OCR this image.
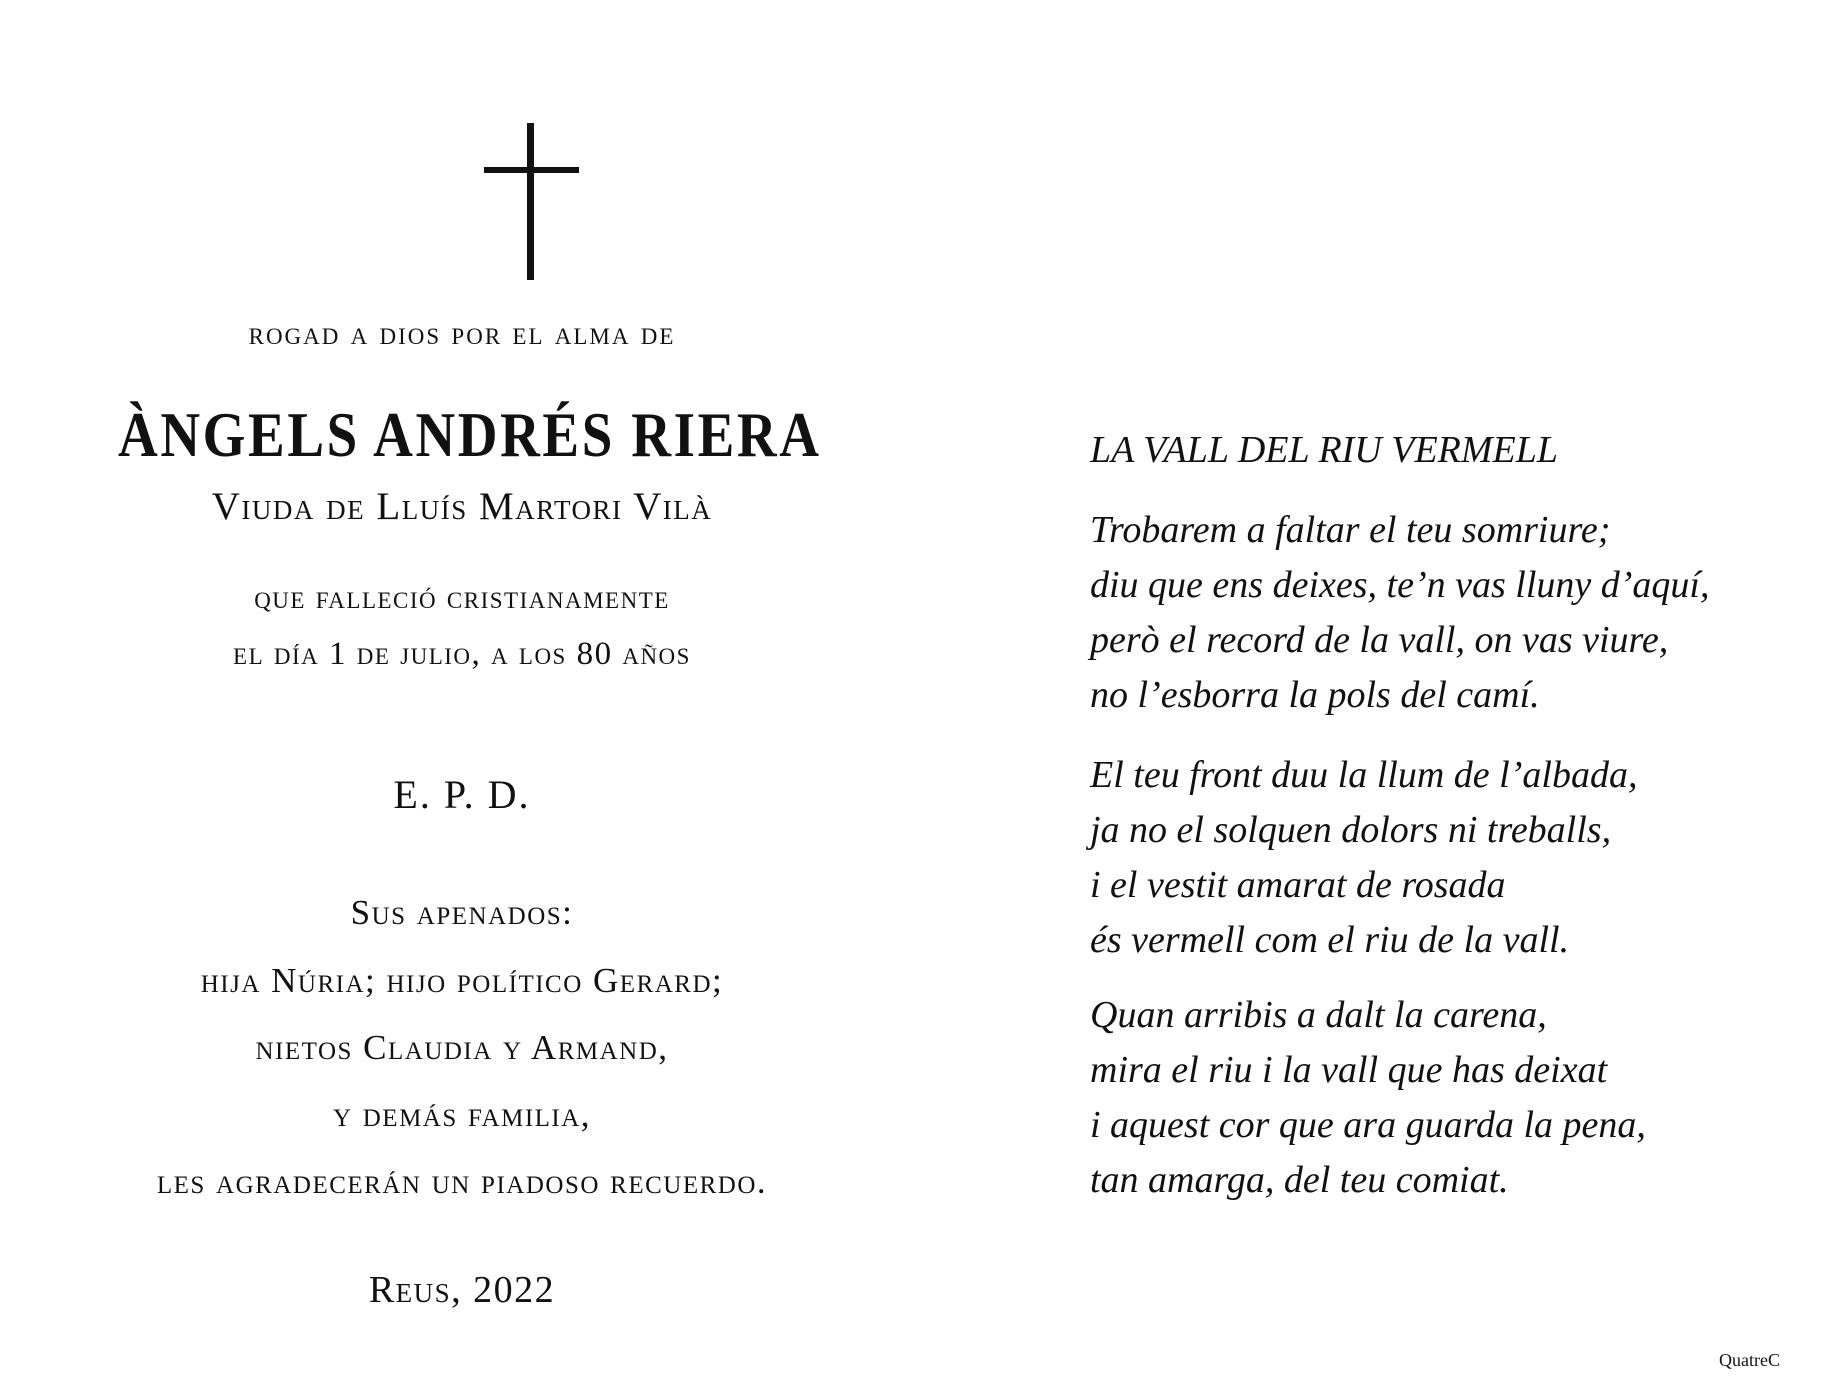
rogad a dios por el alma de
ÀNGELS ANDRÉS RIERA
Viuda de Lluís Martori Vilà
que falleció cristianamente
el día 1 de julio, a los 80 años
E. P. D.
Sus apenados:
hija Núria; hijo político Gerard;
nietos Claudia y Armand,
y demás familia,
les agradecerán un piadoso recuerdo.
Reus, 2022
LA VALL DEL RIU VERMELL
Trobarem a faltar el teu somriure;
diu que ens deixes, te’n vas lluny d’aquí,
però el record de la vall, on vas viure,
no l’esborra la pols del camí.
El teu front duu la llum de l’albada,
ja no el solquen dolors ni treballs,
i el vestit amarat de rosada
és vermell com el riu de la vall.
Quan arribis a dalt la carena,
mira el riu i la vall que has deixat
i aquest cor que ara guarda la pena,
tan amarga, del teu comiat.
QuatreC
